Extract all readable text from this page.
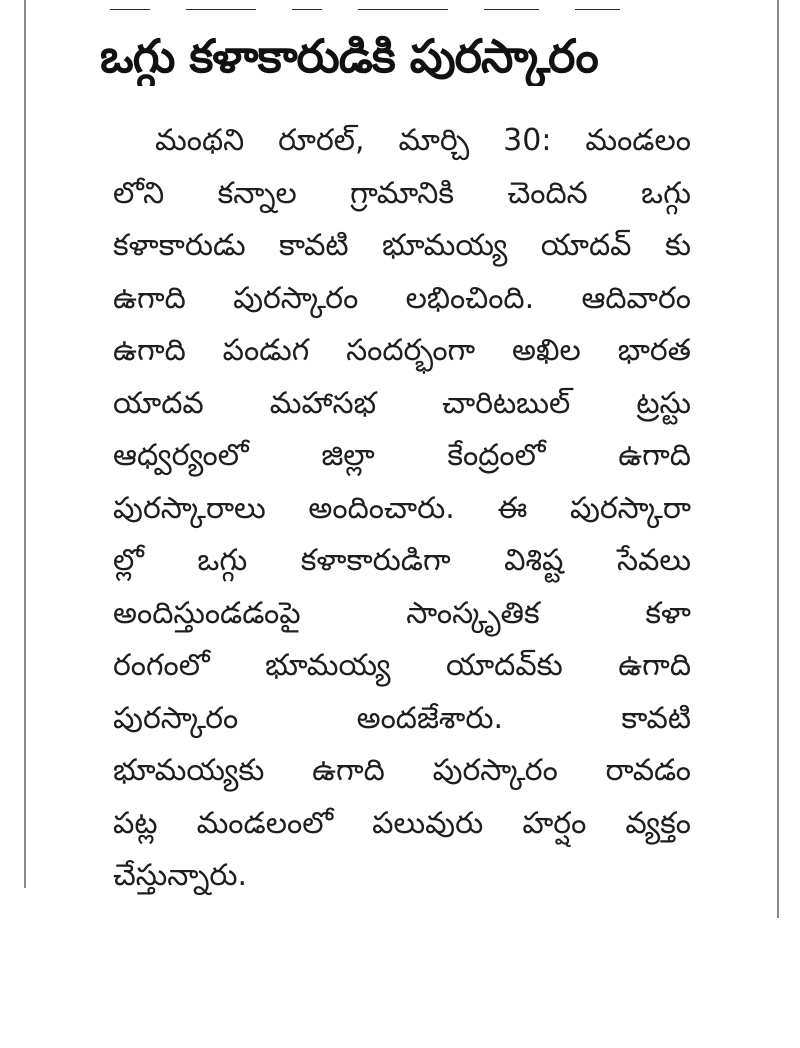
ఒగ్గు కళాకారుడికి పురస్కారం
మంథని రూరల్, మార్చి 30: మండలం
లోని కన్నాల గ్రామానికి చెందిన ఒగ్గు
కళాకారుడు కావటి భూమయ్య యాదవ్ కు
ఉగాది పురస్కారం లభించింది. ఆదివారం
ఉగాది పండుగ సందర్భంగా అఖిల భారత
యాదవ మహాసభ చారిటబుల్ ట్రస్టు
ఆధ్వర్యంలో జిల్లా కేంద్రంలో ఉగాది
పురస్కారాలు అందించారు. ఈ పురస్కారా
ల్లో ఒగ్గు కళాకారుడిగా విశిష్ట సేవలు
అందిస్తుండడంపై సాంస్కృతిక కళా
రంగంలో భూమయ్య యాదవ్‌కు ఉగాది
పురస్కారం అందజేశారు. కావటి
భూమయ్యకు ఉగాది పురస్కారం రావడం
పట్ల మండలంలో పలువురు హర్షం వ్యక్తం
చేస్తున్నారు.
